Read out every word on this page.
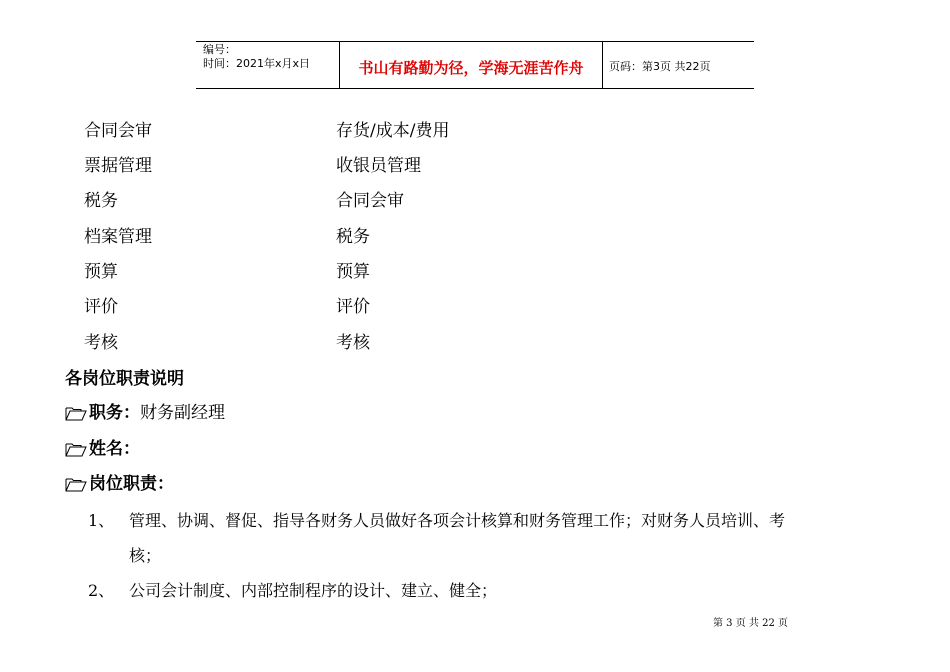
编号：
时间：2021年x月x日	书山有路勤为径，学海无涯苦作舟	页码：第3页 共22页
合同会审
票据管理
税务
档案管理
预算
评价
考核
存货/成本/费用
收银员管理
合同会审
税务
预算
评价
考核
各岗位职责说明
职务： 财务副经理
姓名：
岗位职责：
1、 管理、协调、督促、指导各财务人员做好各项会计核算和财务管理工作；对财务人员培训、考
核；
2、 公司会计制度、内部控制程序的设计、建立、健全；
第 3 页 共 22 页
